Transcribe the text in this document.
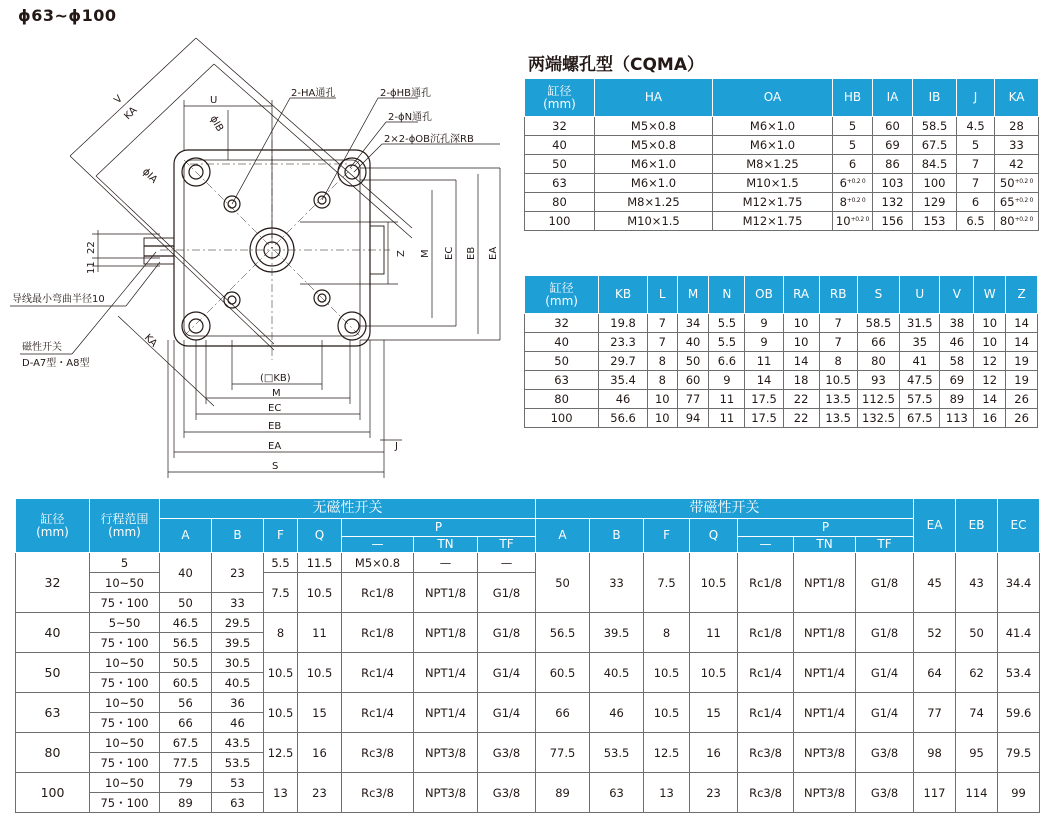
ϕ63~ϕ100
两端螺孔型（CQMA）
V
KA
U
ϕIB
ϕIA
2-HA通孔	2-ϕHB通孔
2-ϕN通孔
2×2-ϕOB沉孔深RB
Z M EC EB EA
22
11
导线最小弯曲半径10
磁性开关
D-A7型・A8型
KA
(□KB)
M
EC
EB
EA	J
S
缸径
(mm)	HA	OA	HB	IA	IB	J	KA
32	M5×0.8	M6×1.0	5	60	58.5	4.5	28
40	M5×0.8	M6×1.0	5	69	67.5	5	33
50	M6×1.0	M8×1.25	6	86	84.5	7	42
63	M6×1.0	M10×1.5	$6^{+0.2 0}$	103	100	7	$50^{+0.2 0}$
80	M8×1.25	M12×1.75	$8^{+0.2 0}$	132	129	6	$65^{+0.2 0}$
100	M10×1.5	M12×1.75	$10^{+0.2 0}$	156	153	6.5	$80^{+0.2 0}$
缸径
(mm)	KB	L	M	N	OB	RA	RB	S	U	V	W	Z
32	19.8	7	34	5.5	9	10	7	58.5	31.5	38	10	14
40	23.3	7	40	5.5	9	10	7	66	35	46	10	14
50	29.7	8	50	6.6	11	14	8	80	41	58	12	19
63	35.4	8	60	9	14	18	10.5	93	47.5	69	12	19
80	46	10	77	11	17.5	22	13.5	112.5	57.5	89	14	26
100	56.6	10	94	11	17.5	22	13.5	132.5	67.5	113	16	26
缸径
(mm)	行程范围
(mm)	无磁性开关							带磁性开关							EA	EB	EC
		A	B	F	Q	P			A	B	F	Q	P					
						—	TN	TF					—	TN	TF			
32	5	40	23	5.5	11.5	M5×0.8	—	—	50	33	7.5	10.5	Rc1/8	NPT1/8	G1/8	45	43	34.4
	10~50			7.5	10.5	Rc1/8	NPT1/8	G1/8										
	75・100	50	33															
40	5~50	46.5	29.5	8	11	Rc1/8	NPT1/8	G1/8	56.5	39.5	8	11	Rc1/8	NPT1/8	G1/8	52	50	41.4
	75・100	56.5	39.5															
50	10~50	50.5	30.5	10.5	10.5	Rc1/4	NPT1/4	G1/4	60.5	40.5	10.5	10.5	Rc1/4	NPT1/4	G1/4	64	62	53.4
	75・100	60.5	40.5															
63	10~50	56	36	10.5	15	Rc1/4	NPT1/4	G1/4	66	46	10.5	15	Rc1/4	NPT1/4	G1/4	77	74	59.6
	75・100	66	46															
80	10~50	67.5	43.5	12.5	16	Rc3/8	NPT3/8	G3/8	77.5	53.5	12.5	16	Rc3/8	NPT3/8	G3/8	98	95	79.5
	75・100	77.5	53.5															
100	10~50	79	53	13	23	Rc3/8	NPT3/8	G3/8	89	63	13	23	Rc3/8	NPT3/8	G3/8	117	114	99
	75・100	89	63															
